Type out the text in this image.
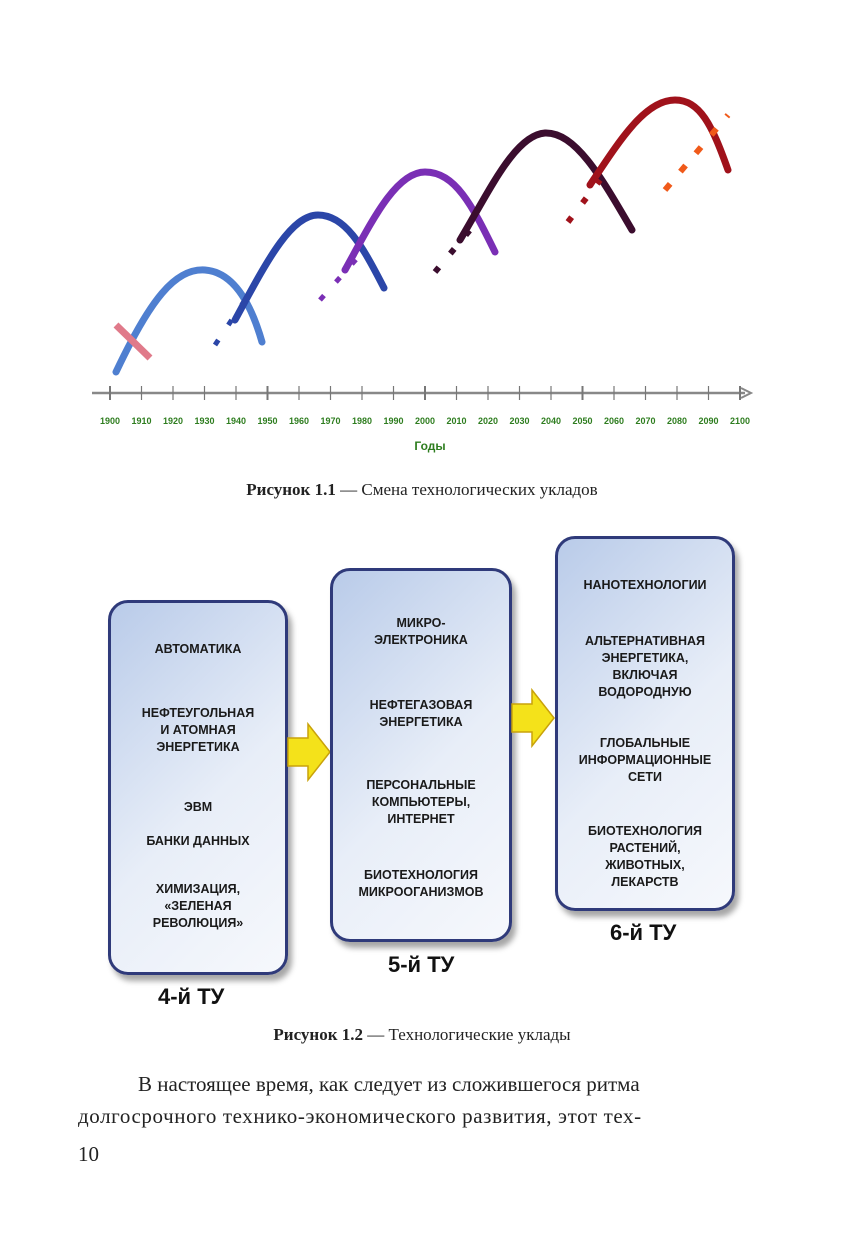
1900 1910 1920 1930 1940 1950 1960 1970 1980 1990 2000 2010 2020 2030 2040 2050 2060 2070 2080 2090 2100
Годы
Рисунок 1.1 — Смена технологических укладов
АВТОМАТИКА
НЕФТЕУГОЛЬНАЯ
И АТОМНАЯ
ЭНЕРГЕТИКА
ЭВМ
БАНКИ ДАННЫХ
ХИМИЗАЦИЯ,
«ЗЕЛЕНАЯ
РЕВОЛЮЦИЯ»
4-й ТУ
МИКРО-
ЭЛЕКТРОНИКА
НЕФТЕГАЗОВАЯ
ЭНЕРГЕТИКА
ПЕРСОНАЛЬНЫЕ
КОМПЬЮТЕРЫ,
ИНТЕРНЕТ
БИОТЕХНОЛОГИЯ
МИКРООГАНИЗМОВ
5-й ТУ
НАНОТЕХНОЛОГИИ
АЛЬТЕРНАТИВНАЯ
ЭНЕРГЕТИКА,
ВКЛЮЧАЯ
ВОДОРОДНУЮ
ГЛОБАЛЬНЫЕ
ИНФОРМАЦИОННЫЕ
СЕТИ
БИОТЕХНОЛОГИЯ
РАСТЕНИЙ,
ЖИВОТНЫХ,
ЛЕКАРСТВ
6-й ТУ
Рисунок 1.2 — Технологические уклады
В настоящее время, как следует из сложившегося ритма
долгосрочного технико-экономического развития, этот тех-
10
